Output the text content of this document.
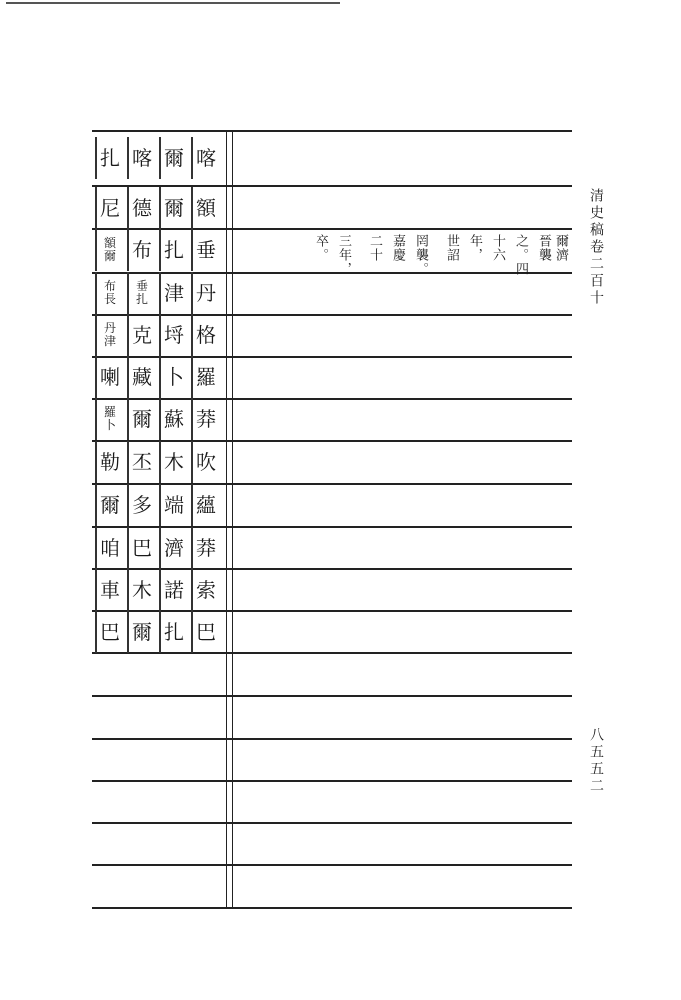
喀
爾
喀
扎
額
爾
德
尼
垂
扎
布
額
爾
丹
津
垂
扎
布
長
格
埒
克
丹
津
羅
卜
藏
喇
莽
蘇
爾
羅
卜
吹
木
丕
勒
蘊
端
多
爾
莽
濟
巴
咱
索
諾
木
車
巴
扎
爾
巴
爾濟
晉襲
之。四
十六
年，
世詔
罔襲。
嘉慶
二十
三年，
卒。	清史稿卷二百十
八五五二
